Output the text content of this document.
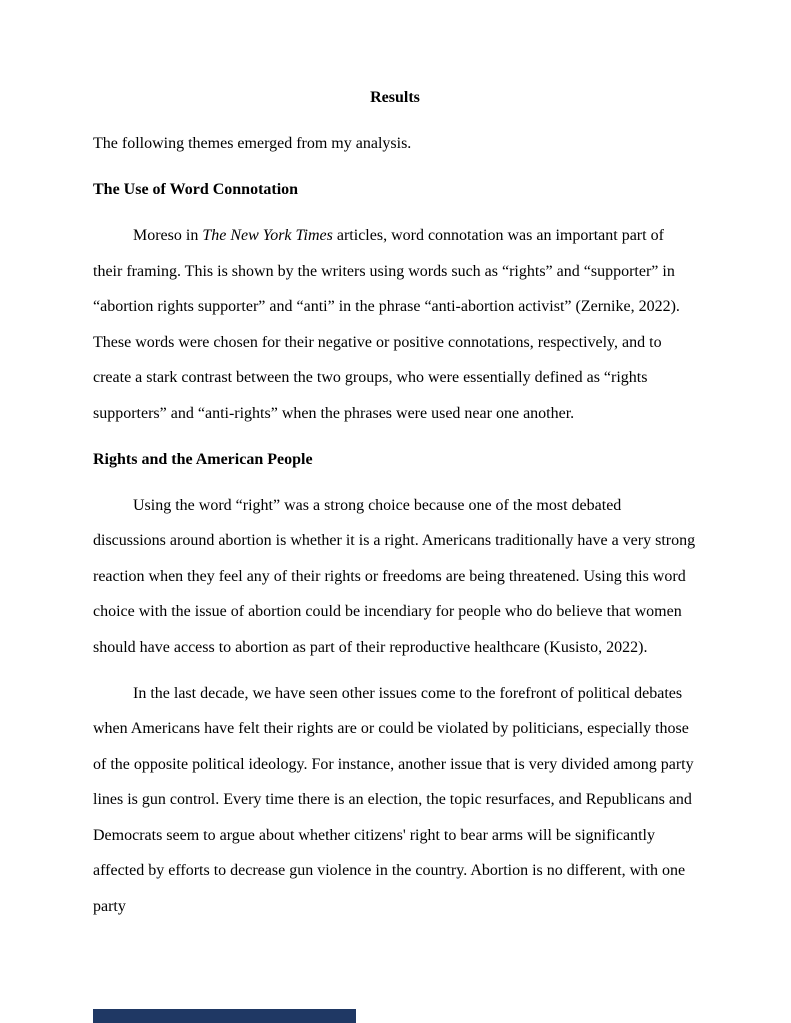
Results
The following themes emerged from my analysis.
The Use of Word Connotation
Moreso in The New York Times articles, word connotation was an important part of their framing. This is shown by the writers using words such as “rights” and “supporter” in “abortion rights supporter” and “anti” in the phrase “anti-abortion activist” (Zernike, 2022). These words were chosen for their negative or positive connotations, respectively, and to create a stark contrast between the two groups, who were essentially defined as “rights supporters” and “anti-rights” when the phrases were used near one another.
Rights and the American People
Using the word “right” was a strong choice because one of the most debated discussions around abortion is whether it is a right. Americans traditionally have a very strong reaction when they feel any of their rights or freedoms are being threatened. Using this word choice with the issue of abortion could be incendiary for people who do believe that women should have access to abortion as part of their reproductive healthcare (Kusisto, 2022).
In the last decade, we have seen other issues come to the forefront of political debates when Americans have felt their rights are or could be violated by politicians, especially those of the opposite political ideology. For instance, another issue that is very divided among party lines is gun control. Every time there is an election, the topic resurfaces, and Republicans and Democrats seem to argue about whether citizens' right to bear arms will be significantly affected by efforts to decrease gun violence in the country. Abortion is no different, with one party
